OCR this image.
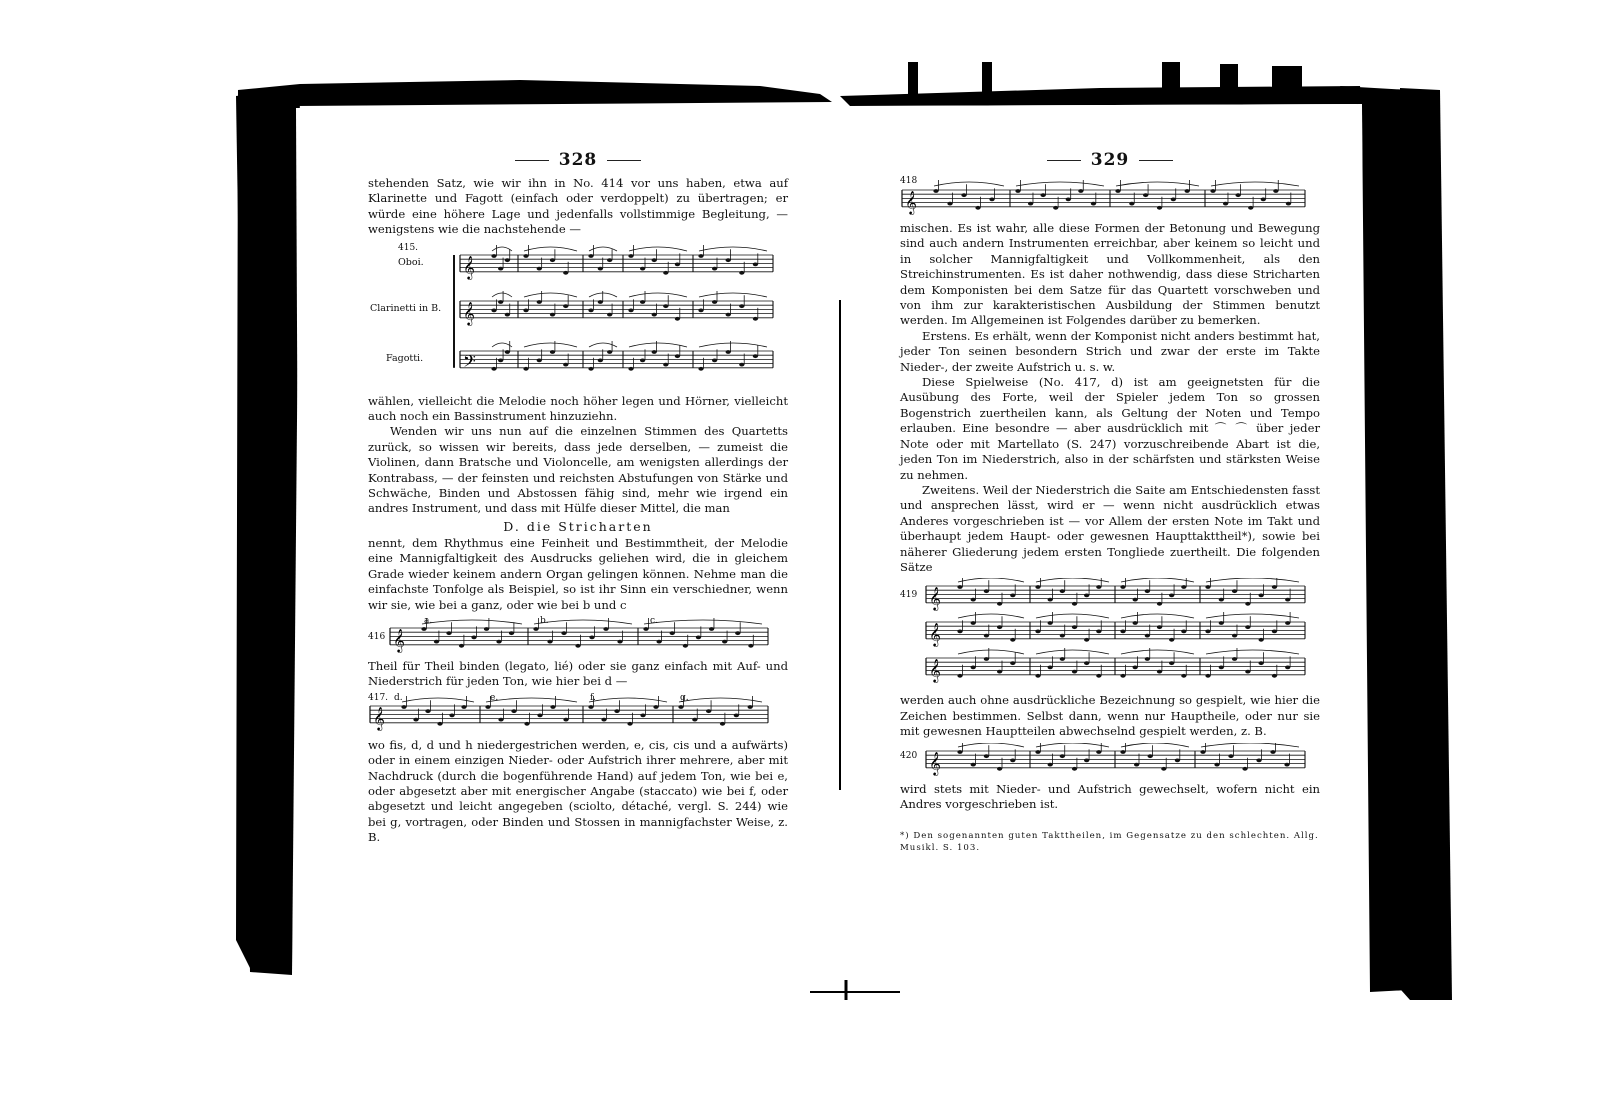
328

stehenden Satz, wie wir ihn in No. 414 vor uns haben, etwa auf Klarinette und Fagott (einfach oder verdoppelt) zu übertragen; er würde eine höhere Lage und jedenfalls vollstimmige Begleitung, — wenigstens wie die nachstehende —

415.
Oboi.
Clarinetti in B.
Fagotti.
𝄞
𝄞
𝄢

wählen, vielleicht die Melodie noch höher legen und Hörner, vielleicht auch noch ein Bassinstrument hinzuziehn.

Wenden wir uns nun auf die einzelnen Stimmen des Quartetts zurück, so wissen wir bereits, dass jede derselben, — zumeist die Violinen, dann Bratsche und Violoncelle, am wenigsten allerdings der Kontrabass, — der feinsten und reichsten Abstufungen von Stärke und Schwäche, Binden und Abstossen fähig sind, mehr wie irgend ein andres Instrument, und dass mit Hülfe dieser Mittel, die man

D. die Stricharten

nennt, dem Rhythmus eine Feinheit und Bestimmtheit, der Melodie eine Mannigfaltigkeit des Ausdrucks geliehen wird, die in gleichem Grade wieder keinem andern Organ gelingen können. Nehme man die einfachste Tonfolge als Beispiel, so ist ihr Sinn ein verschiedner, wenn wir sie, wie bei a ganz, oder wie bei b und c

416
a.	b.	c.
𝄞

Theil für Theil binden (legato, lié) oder sie ganz einfach mit Auf- und Niederstrich für jeden Ton, wie hier bei d —

417. d.	e.	f.	g.
𝄞

wo fis, d, d und h niedergestrichen werden, e, cis, cis und a aufwärts) oder in einem einzigen Nieder- oder Aufstrich ihrer mehrere, aber mit Nachdruck (durch die bogenführende Hand) auf jedem Ton, wie bei e, oder abgesetzt aber mit energischer Angabe (staccato) wie bei f, oder abgesetzt und leicht angegeben (sciolto, détaché, vergl. S. 244) wie bei g, vortragen, oder Binden und Stossen in mannigfachster Weise, z. B.

329
418
𝄞

mischen. Es ist wahr, alle diese Formen der Betonung und Bewegung sind auch andern Instrumenten erreichbar, aber keinem so leicht und in solcher Mannigfaltigkeit und Vollkommenheit, als den Streichinstrumenten. Es ist daher nothwendig, dass diese Stricharten dem Komponisten bei dem Satze für das Quartett vorschweben und von ihm zur karakteristischen Ausbildung der Stimmen benutzt werden. Im Allgemeinen ist Folgendes darüber zu bemerken.

Erstens. Es erhält, wenn der Komponist nicht anders bestimmt hat, jeder Ton seinen besondern Strich und zwar der erste im Takte Nieder-, der zweite Aufstrich u. s. w.

Diese Spielweise (No. 417, d) ist am geeignetsten für die Ausübung des Forte, weil der Spieler jedem Ton so grossen Bogenstrich zuertheilen kann, als Geltung der Noten und Tempo erlauben. Eine besondre — aber ausdrücklich mit ⌒ ⌒ über jeder Note oder mit Martellato (S. 247) vorzuschreibende Abart ist die, jeden Ton im Niederstrich, also in der schärfsten und stärksten Weise zu nehmen.

Zweitens. Weil der Niederstrich die Saite am Entschiedensten fasst und ansprechen lässt, wird er — wenn nicht ausdrücklich etwas Anderes vorgeschrieben ist — vor Allem der ersten Note im Takt und überhaupt jedem Haupt- oder gewesnen Haupttakttheil*), sowie bei näherer Gliederung jedem ersten Tongliede zuertheilt. Die folgenden Sätze

419 𝄞
𝄞
𝄞

werden auch ohne ausdrückliche Bezeichnung so gespielt, wie hier die Zeichen bestimmen. Selbst dann, wenn nur Hauptheile, oder nur sie mit gewesnen Hauptteilen abwechselnd gespielt werden, z. B.

420 𝄞

wird stets mit Nieder- und Aufstrich gewechselt, wofern nicht ein Andres vorgeschrieben ist.

*) Den sogenannten guten Takttheilen, im Gegensatze zu den schlechten. Allg. Musikl. S. 103.
